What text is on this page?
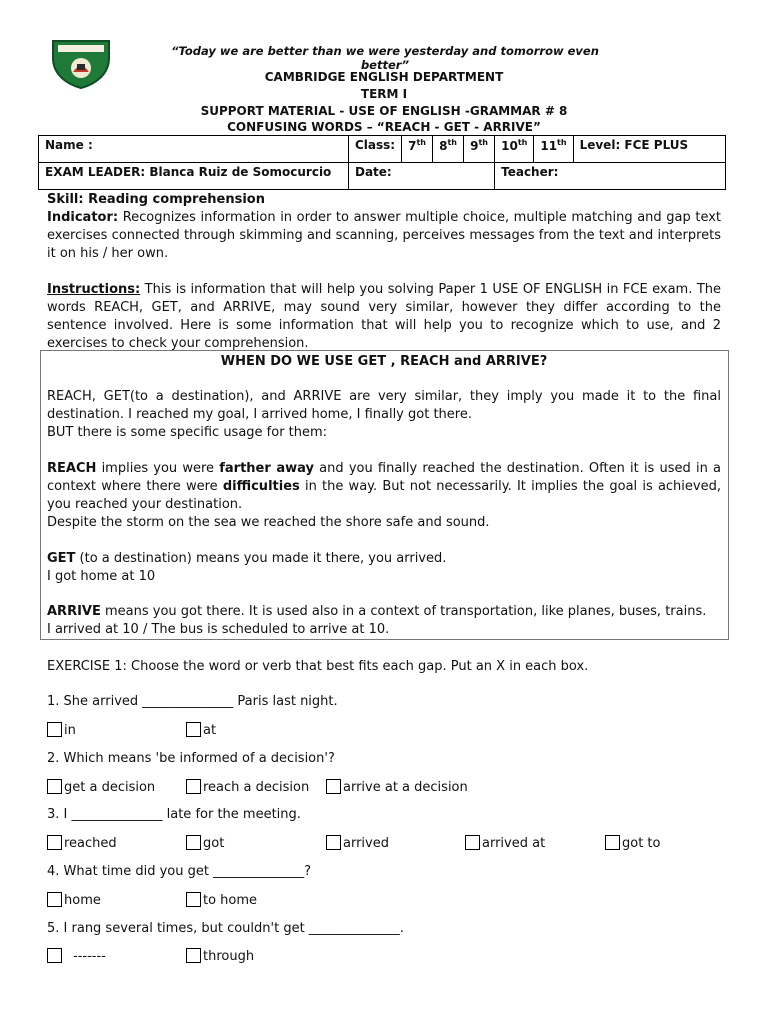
“Today we are better than we were yesterday and tomorrow even better”
CAMBRIDGE ENGLISH DEPARTMENT
TERM I
SUPPORT MATERIAL - USE OF ENGLISH -GRAMMAR # 8
CONFUSING WORDS – “REACH - GET - ARRIVE”
Name :	Class:	7th	8th	9th	10th	11th	Level: FCE PLUS
EXAM LEADER: Blanca Ruiz de Somocurcio	Date:				Teacher:		
Skill: Reading comprehension
Indicator: Recognizes information in order to answer multiple choice, multiple matching and gap text exercises connected through skimming and scanning, perceives messages from the text and interprets it on his / her own.
Instructions: This is information that will help you solving Paper 1 USE OF ENGLISH in FCE exam. The words REACH, GET, and ARRIVE, may sound very similar, however they differ according to the sentence involved. Here is some information that will help you to recognize which to use, and 2 exercises to check your comprehension.
WHEN DO WE USE GET , REACH and ARRIVE?
REACH, GET(to a destination), and ARRIVE are very similar, they imply you made it to the final destination. I reached my goal, I arrived home, I finally got there.
BUT there is some specific usage for them:
REACH implies you were farther away and you finally reached the destination. Often it is used in a context where there were difficulties in the way. But not necessarily. It implies the goal is achieved, you reached your destination.
Despite the storm on the sea we reached the shore safe and sound.
GET (to a destination) means you made it there, you arrived.
I got home at 10
ARRIVE means you got there. It is used also in a context of transportation, like planes, buses, trains.
I arrived at 10 / The bus is scheduled to arrive at 10.
EXERCISE 1: Choose the word or verb that best fits each gap. Put an X in each box.
1. She arrived ______________ Paris last night.
in	at
2. Which means 'be informed of a decision'?
get a decision	reach a decision	arrive at a decision
3. I ______________ late for the meeting.
reached	got	arrived	arrived at	got to
4. What time did you get ______________?
home	to home
5. I rang several times, but couldn't get ______________.
-------	through
